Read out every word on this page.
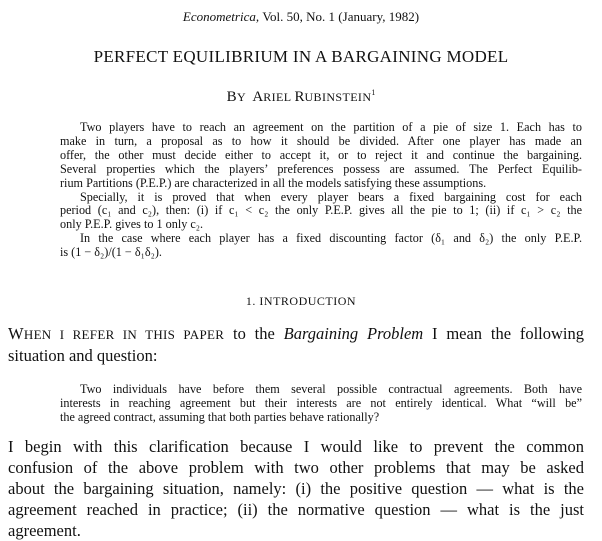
Econometrica, Vol. 50, No. 1 (January, 1982)
PERFECT EQUILIBRIUM IN A BARGAINING MODEL
BY  ARIEL RUBINSTEIN$^1$
Two players have to reach an agreement on the partition of a pie of size 1. Each has to
make in turn, a proposal as to how it should be divided. After one player has made an
offer, the other must decide either to accept it, or to reject it and continue the bargaining.
Several properties which the players’ preferences possess are assumed. The Perfect Equilib-
rium Partitions (P.E.P.) are characterized in all the models satisfying these assumptions.
Specially, it is proved that when every player bears a fixed bargaining cost for each
period (c₁ and c₂), then: (i) if c₁ < c₂ the only P.E.P. gives all the pie to 1; (ii) if c₁ > c₂ the
only P.E.P. gives to 1 only c₂.
In the case where each player has a fixed discounting factor (δ₁ and δ₂) the only P.E.P.
is (1 − δ₂)/(1 − δ₁δ₂).
1. INTRODUCTION
WHEN I REFER IN THIS PAPER to the Bargaining Problem I mean the following
situation and question:
Two individuals have before them several possible contractual agreements. Both have
interests in reaching agreement but their interests are not entirely identical. What “will be”
the agreed contract, assuming that both parties behave rationally?
I begin with this clarification because I would like to prevent the common
confusion of the above problem with two other problems that may be asked
about the bargaining situation, namely: (i) the positive question — what is the
agreement reached in practice; (ii) the normative question — what is the just
agreement.
